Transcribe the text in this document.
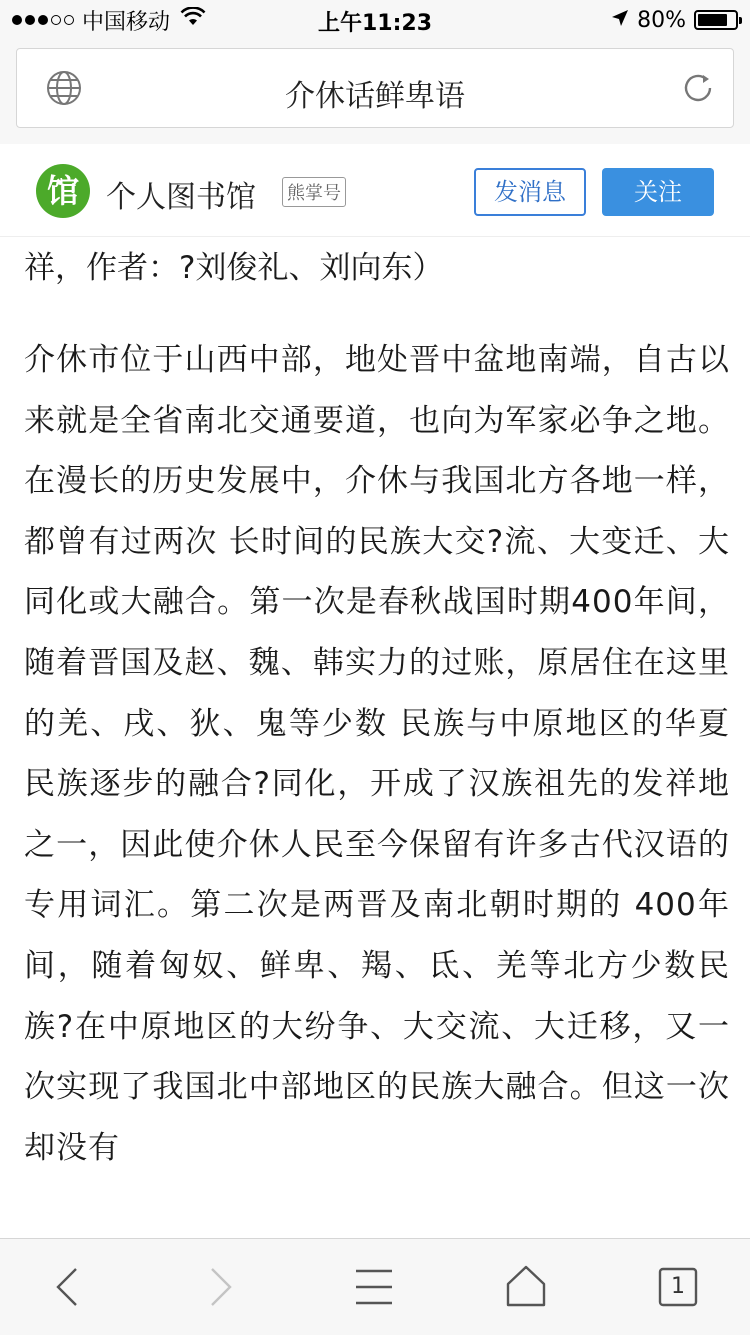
中国移动	上午11:23	80%
介休话鲜卑语
馆 个人图书馆 熊掌号	发消息	关注
祥，作者：?刘俊礼、刘向东）
介休市位于山西中部，地处晋中盆地南端，自古以来就是全省南北交通要道，也向为军家必争之地。在漫长的历史发展中，介休与我国北方各地一样，都曾有过两次 长时间的民族大交?流、大变迁、大同化或大融合。第一次是春秋战国时期400年间，随着晋国及赵、魏、韩实力的过账，原居住在这里的羌、戌、狄、鬼等少数 民族与中原地区的华夏民族逐步的融合?同化，开成了汉族祖先的发祥地之一，因此使介休人民至今保留有许多古代汉语的专用词汇。第二次是两晋及南北朝时期的 400年间，随着匈奴、鲜卑、羯、氐、羌等北方少数民族?在中原地区的大纷争、大交流、大迁移，又一次实现了我国北中部地区的民族大融合。但这一次却没有
1
